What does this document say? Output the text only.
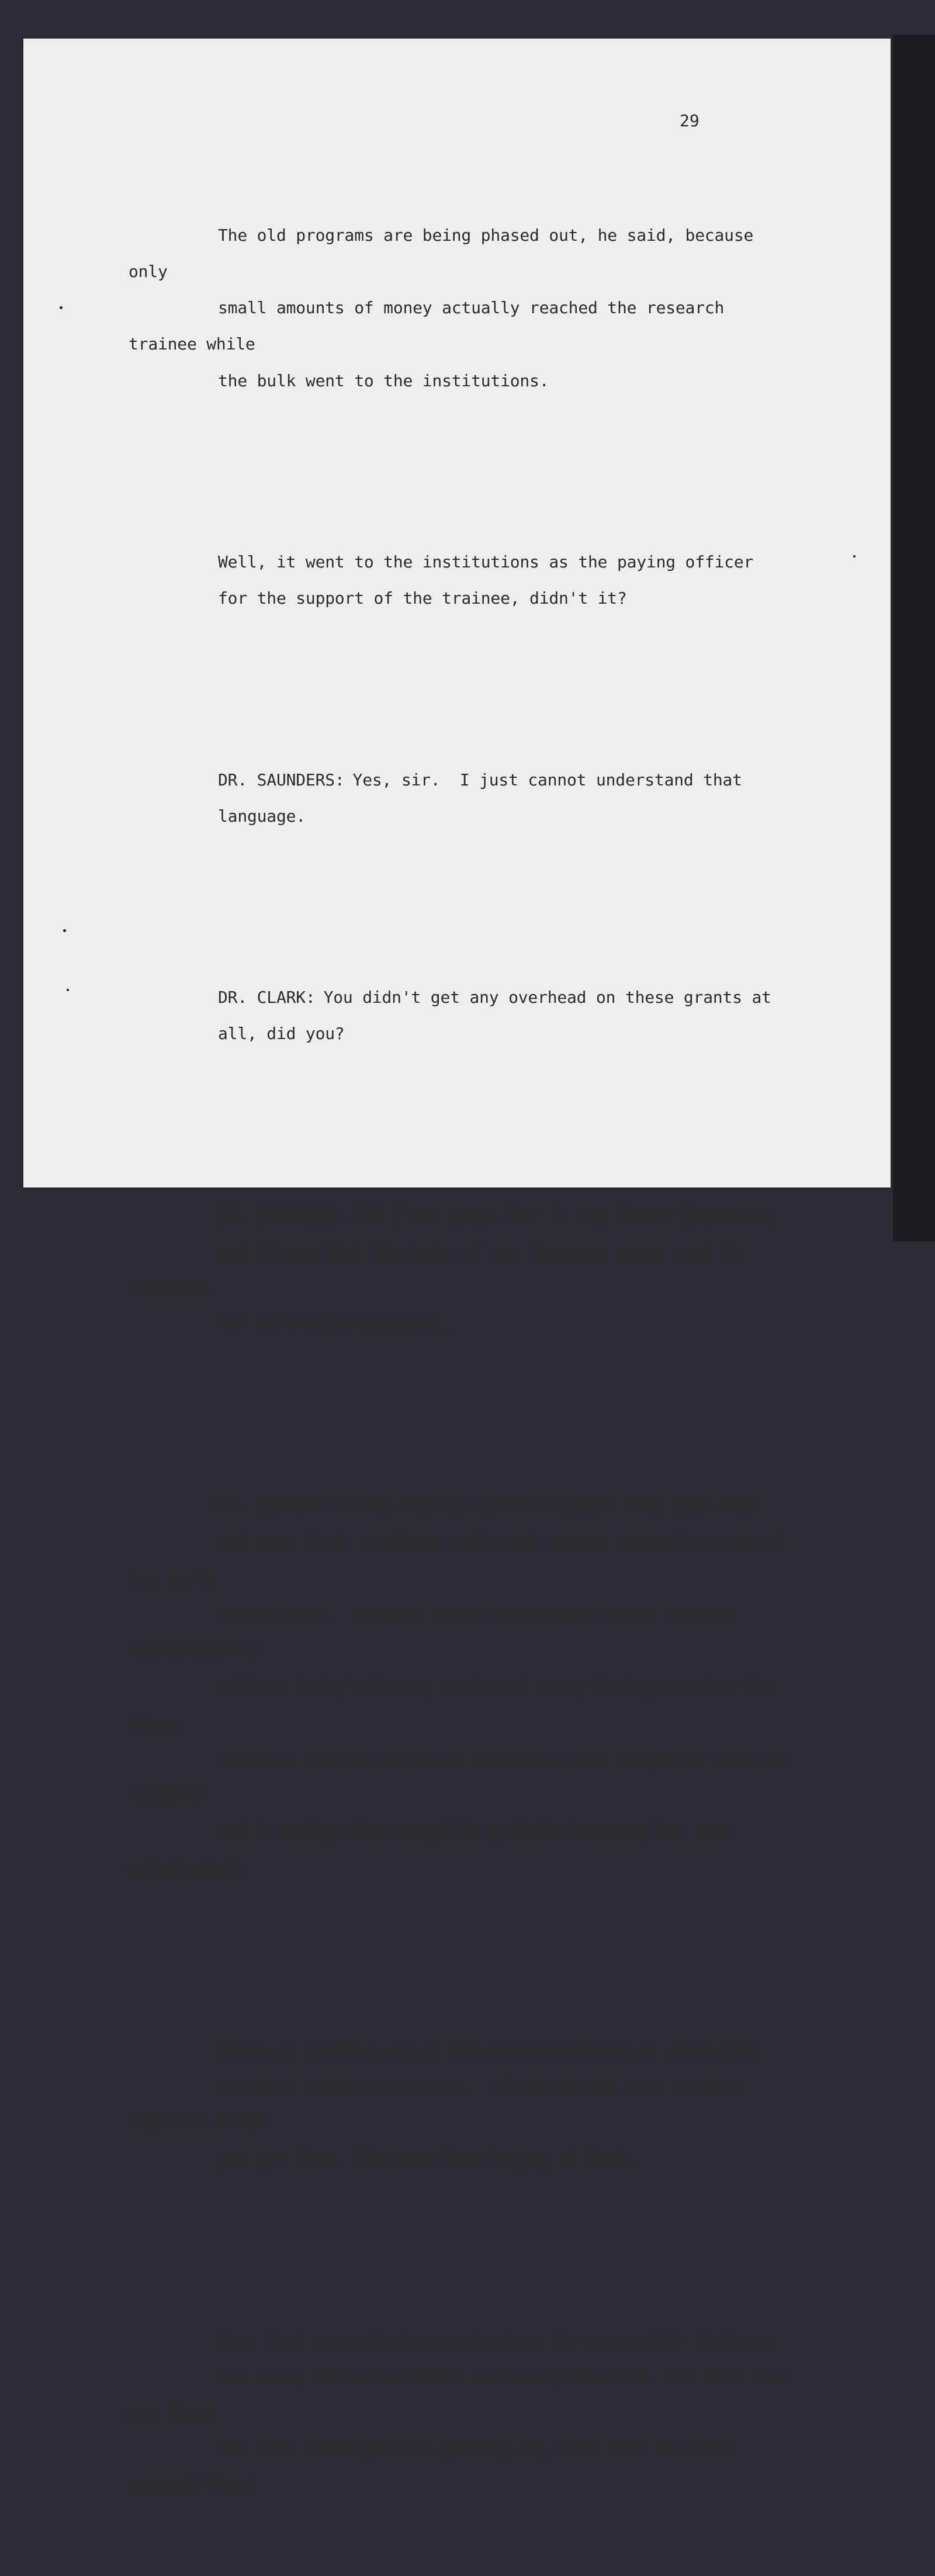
29

The old programs are being phased out, he said, because only
small amounts of money actually reached the research trainee while
the bulk went to the institutions.

Well, it went to the institutions as the paying officer
for the support of the trainee, didn't it?

DR. SAUNDERS: Yes, sir.  I just cannot understand that
language.

DR. CLARK: You didn't get any overhead on these grants at
all, did you?

DR. SAUNDERS: All I can speak for is the Cancer Institute,
and I know that the bulk of our training money went to trainees,
not to the institutions.

MR. SCHMIDT: Funds may be used to support only post-M.D.
and post-Ph.D. trainees with each person receiving support for up to
three years.  Stipend levels have been raised to more realistically
reflect today's living costs and a pay-back provision for those
trainees who do not spend an appropriate length of time in research
and training after completing their training has been established.

There is another one of the misconceptions on which the
original action was based.  If you do not stay in this business after
you get this, then you have to pay it back.

Now, that can only be premised on the assumption that you
are going to school while you are getting it, not that you are doing
the work while you are getting it, work that is worth several times
